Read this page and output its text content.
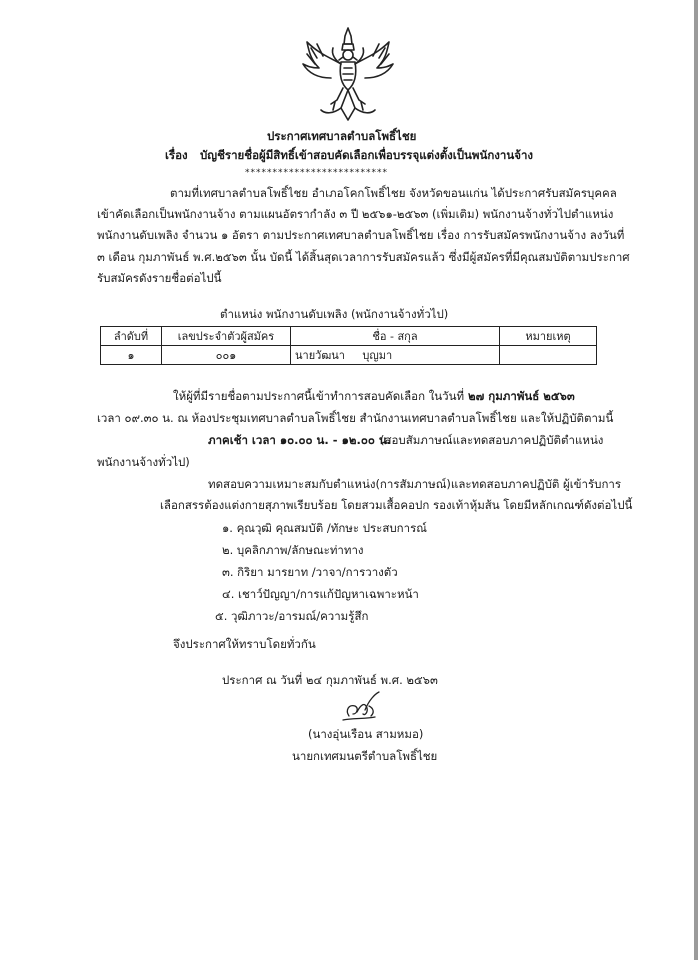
ประกาศเทศบาลตำบลโพธิ์ไชย
เรื่อง บัญชีรายชื่อผู้มีสิทธิ์เข้าสอบคัดเลือกเพื่อบรรจุแต่งตั้งเป็นพนักงานจ้าง
**************************
ตามที่เทศบาลตำบลโพธิ์ไชย อำเภอโคกโพธิ์ไชย จังหวัดขอนแก่น ได้ประกาศรับสมัครบุคคล
เข้าคัดเลือกเป็นพนักงานจ้าง ตามแผนอัตรากำลัง ๓ ปี ๒๕๖๑-๒๕๖๓ (เพิ่มเติม) พนักงานจ้างทั่วไปตำแหน่ง
พนักงานดับเพลิง จำนวน ๑ อัตรา ตามประกาศเทศบาลตำบลโพธิ์ไชย เรื่อง การรับสมัครพนักงานจ้าง ลงวันที่
๓ เดือน กุมภาพันธ์ พ.ศ.๒๕๖๓ นั้น บัดนี้ ได้สิ้นสุดเวลาการรับสมัครแล้ว ซึ่งมีผู้สมัครที่มีคุณสมบัติตามประกาศ
รับสมัครดังรายชื่อต่อไปนี้
ตำแหน่ง พนักงานดับเพลิง (พนักงานจ้างทั่วไป)
ลำดับที่	เลขประจำตัวผู้สมัคร	ชื่อ - สกุล	หมายเหตุ
๑	๐๐๑	นายวัฒนา     บุญมา	
ให้ผู้ที่มีรายชื่อตามประกาศนี้เข้าทำการสอบคัดเลือก ในวันที่ ๒๗ กุมภาพันธ์ ๒๕๖๓
เวลา ๐๙.๓๐ น. ณ ห้องประชุมเทศบาลตำบลโพธิ์ไชย สำนักงานเทศบาลตำบลโพธิ์ไชย และให้ปฏิบัติตามนี้
ภาคเช้า เวลา ๑๐.๐๐ น. - ๑๒.๐๐ น.
(สอบสัมภาษณ์และทดสอบภาคปฏิบัติตำแหน่ง
พนักงานจ้างทั่วไป)
ทดสอบความเหมาะสมกับตำแหน่ง(การสัมภาษณ์)และทดสอบภาคปฏิบัติ ผู้เข้ารับการ
เลือกสรรต้องแต่งกายสุภาพเรียบร้อย โดยสวมเสื้อคอปก รองเท้าหุ้มส้น โดยมีหลักเกณฑ์ดังต่อไปนี้
๑. คุณวุฒิ คุณสมบัติ /ทักษะ ประสบการณ์
๒. บุคลิกภาพ/ลักษณะท่าทาง
๓. กิริยา มารยาท /วาจา/การวางตัว
๔. เชาว์ปัญญา/การแก้ปัญหาเฉพาะหน้า
๕. วุฒิภาวะ/อารมณ์/ความรู้สึก
จึงประกาศให้ทราบโดยทั่วกัน
ประกาศ ณ วันที่ ๒๔ กุมภาพันธ์ พ.ศ. ๒๕๖๓
(นางอุ่นเรือน สามหมอ)
นายกเทศมนตรีตำบลโพธิ์ไชย
